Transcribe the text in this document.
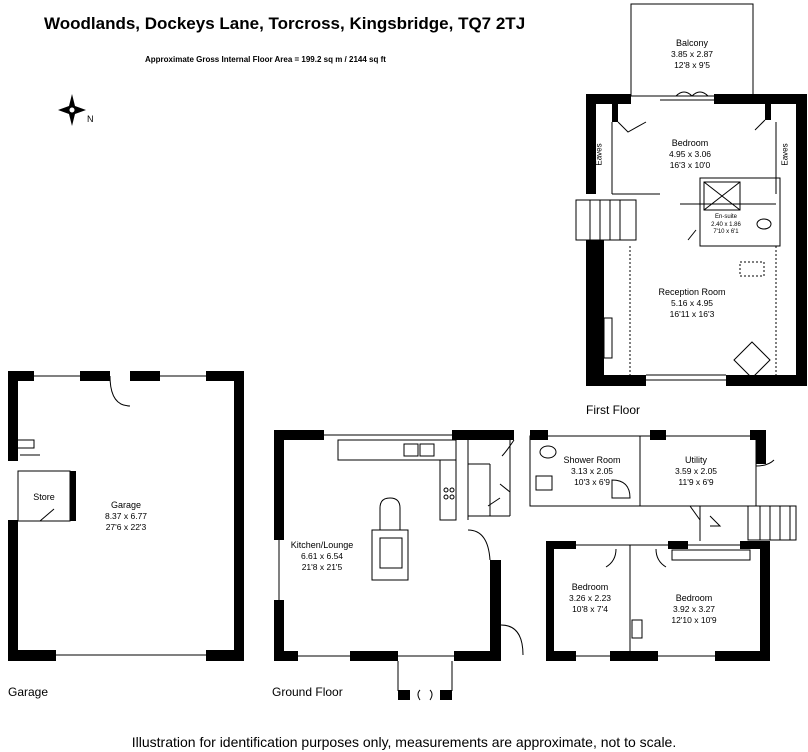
Woodlands, Dockeys Lane, Torcross, Kingsbridge, TQ7 2TJ
Approximate Gross Internal Floor Area = 199.2 sq m / 2144 sq ft
N
First Floor
Ground Floor
Garage
Balcony
3.85 x 2.87
12'8 x 9'5
Bedroom
4.95 x 3.06
16'3 x 10'0
En-suite
2.40 x 1.86
7'10 x 6'1
Reception Room
5.16 x 4.95
16'11 x 16'3
Shower Room
3.13 x 2.05
10'3 x 6'9
Utility
3.59 x 2.05
11'9 x 6'9
Kitchen/Lounge
6.61 x 6.54
21'8 x 21'5
Bedroom
3.26 x 2.23
10'8 x 7'4
Bedroom
3.92 x 3.27
12'10 x 10'9
Garage
8.37 x 6.77
27'6 x 22'3
Store
Eaves	Eaves
Illustration for identification purposes only, measurements are approximate, not to scale.
